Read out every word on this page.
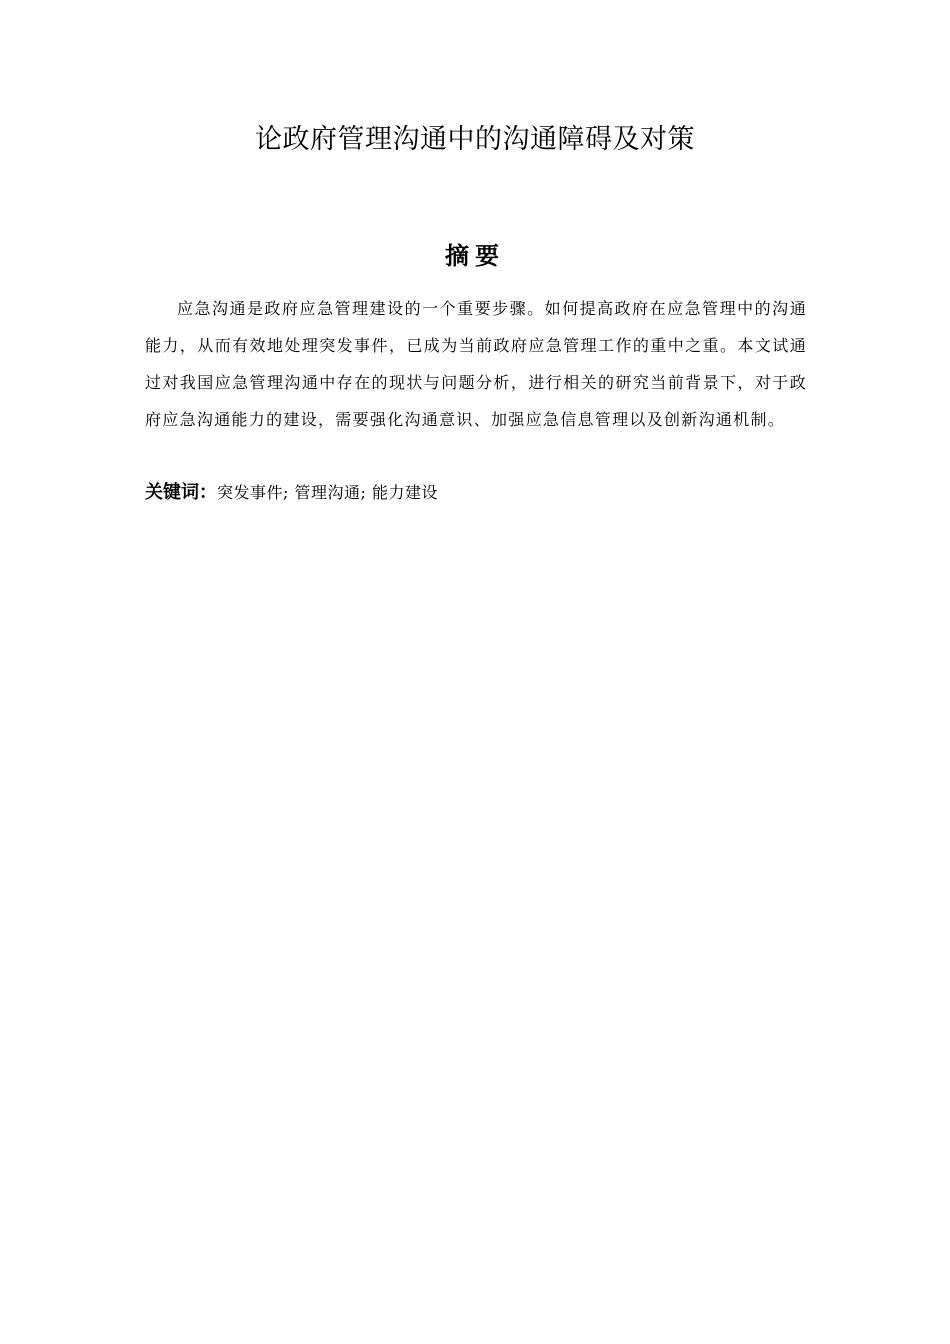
论政府管理沟通中的沟通障碍及对策
摘要

应急沟通是政府应急管理建设的一个重要步骤。如何提高政府在应急管理中的沟通能力，从而有效地处理突发事件，已成为当前政府应急管理工作的重中之重。本文试通过对我国应急管理沟通中存在的现状与问题分析，进行相关的研究当前背景下，对于政府应急沟通能力的建设，需要强化沟通意识、加强应急信息管理以及创新沟通机制。

关键词：突发事件; 管理沟通; 能力建设
